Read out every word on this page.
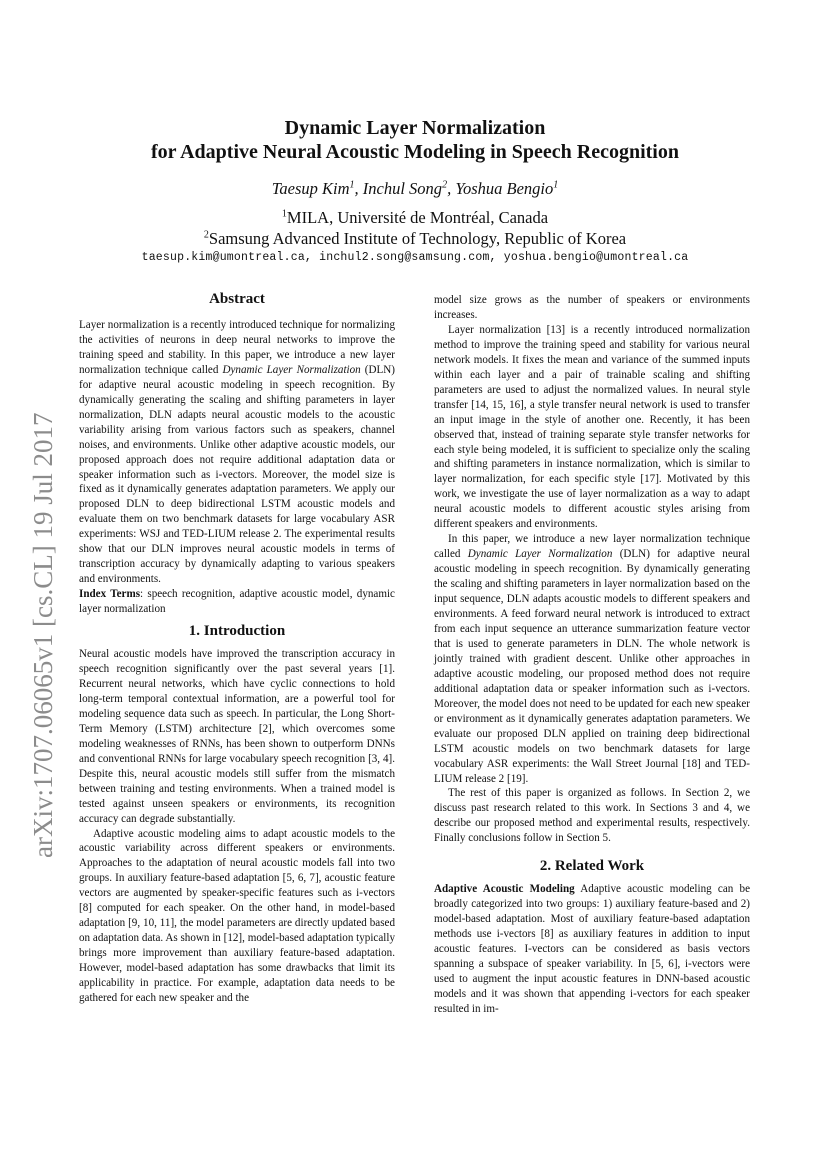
arXiv:1707.06065v1 [cs.CL] 19 Jul 2017
Dynamic Layer Normalization
for Adaptive Neural Acoustic Modeling in Speech Recognition
Taesup Kim$^1$, Inchul Song$^2$, Yoshua Bengio$^1$
$^1$MILA, Université de Montréal, Canada
$^2$Samsung Advanced Institute of Technology, Republic of Korea
taesup.kim@umontreal.ca, inchul2.song@samsung.com, yoshua.bengio@umontreal.ca
Abstract

Layer normalization is a recently introduced technique for normalizing the activities of neurons in deep neural networks to improve the training speed and stability. In this paper, we introduce a new layer normalization technique called Dynamic Layer Normalization (DLN) for adaptive neural acoustic modeling in speech recognition. By dynamically generating the scaling and shifting parameters in layer normalization, DLN adapts neural acoustic models to the acoustic variability arising from various factors such as speakers, channel noises, and environments. Unlike other adaptive acoustic models, our proposed approach does not require additional adaptation data or speaker information such as i-vectors. Moreover, the model size is fixed as it dynamically generates adaptation parameters. We apply our proposed DLN to deep bidirectional LSTM acoustic models and evaluate them on two benchmark datasets for large vocabulary ASR experiments: WSJ and TED-LIUM release 2. The experimental results show that our DLN improves neural acoustic models in terms of transcription accuracy by dynamically adapting to various speakers and environments.

Index Terms: speech recognition, adaptive acoustic model, dynamic layer normalization

1. Introduction

Neural acoustic models have improved the transcription accuracy in speech recognition significantly over the past several years [1]. Recurrent neural networks, which have cyclic connections to hold long-term temporal contextual information, are a powerful tool for modeling sequence data such as speech. In particular, the Long Short-Term Memory (LSTM) architecture [2], which overcomes some modeling weaknesses of RNNs, has been shown to outperform DNNs and conventional RNNs for large vocabulary speech recognition [3, 4]. Despite this, neural acoustic models still suffer from the mismatch between training and testing environments. When a trained model is tested against unseen speakers or environments, its recognition accuracy can degrade substantially.

Adaptive acoustic modeling aims to adapt acoustic models to the acoustic variability across different speakers or environments. Approaches to the adaptation of neural acoustic models fall into two groups. In auxiliary feature-based adaptation [5, 6, 7], acoustic feature vectors are augmented by speaker-specific features such as i-vectors [8] computed for each speaker. On the other hand, in model-based adaptation [9, 10, 11], the model parameters are directly updated based on adaptation data. As shown in [12], model-based adaptation typically brings more improvement than auxiliary feature-based adaptation. However, model-based adaptation has some drawbacks that limit its applicability in practice. For example, adaptation data needs to be gathered for each new speaker and the

model size grows as the number of speakers or environments increases.

Layer normalization [13] is a recently introduced normalization method to improve the training speed and stability for various neural network models. It fixes the mean and variance of the summed inputs within each layer and a pair of trainable scaling and shifting parameters are used to adjust the normalized values. In neural style transfer [14, 15, 16], a style transfer neural network is used to transfer an input image in the style of another one. Recently, it has been observed that, instead of training separate style transfer networks for each style being modeled, it is sufficient to specialize only the scaling and shifting parameters in instance normalization, which is similar to layer normalization, for each specific style [17]. Motivated by this work, we investigate the use of layer normalization as a way to adapt neural acoustic models to different acoustic styles arising from different speakers and environments.

In this paper, we introduce a new layer normalization technique called Dynamic Layer Normalization (DLN) for adaptive neural acoustic modeling in speech recognition. By dynamically generating the scaling and shifting parameters in layer normalization based on the input sequence, DLN adapts acoustic models to different speakers and environments. A feed forward neural network is introduced to extract from each input sequence an utterance summarization feature vector that is used to generate parameters in DLN. The whole network is jointly trained with gradient descent. Unlike other approaches in adaptive acoustic modeling, our proposed method does not require additional adaptation data or speaker information such as i-vectors. Moreover, the model does not need to be updated for each new speaker or environment as it dynamically generates adaptation parameters. We evaluate our proposed DLN applied on training deep bidirectional LSTM acoustic models on two benchmark datasets for large vocabulary ASR experiments: the Wall Street Journal [18] and TED-LIUM release 2 [19].

The rest of this paper is organized as follows. In Section 2, we discuss past research related to this work. In Sections 3 and 4, we describe our proposed method and experimental results, respectively. Finally conclusions follow in Section 5.

2. Related Work

Adaptive Acoustic Modeling Adaptive acoustic modeling can be broadly categorized into two groups: 1) auxiliary feature-based and 2) model-based adaptation. Most of auxiliary feature-based adaptation methods use i-vectors [8] as auxiliary features in addition to input acoustic features. I-vectors can be considered as basis vectors spanning a subspace of speaker variability. In [5, 6], i-vectors were used to augment the input acoustic features in DNN-based acoustic models and it was shown that appending i-vectors for each speaker resulted in im-
